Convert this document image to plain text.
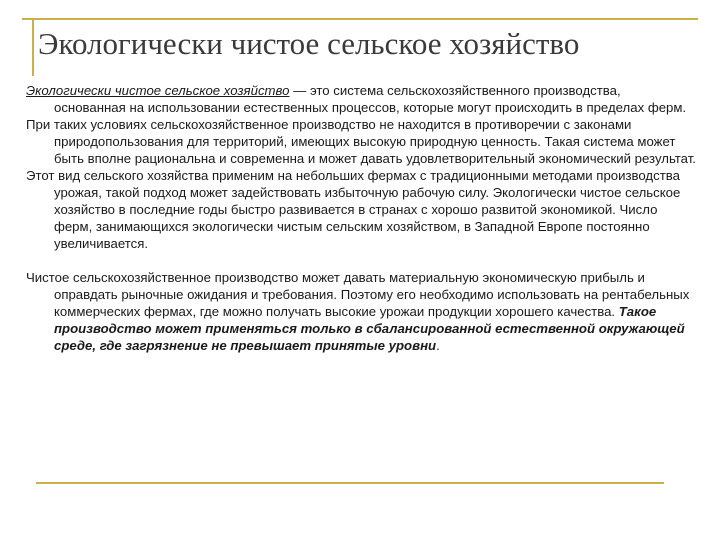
Экологически чистое сельское хозяйство

Экологически чистое сельское хозяйство — это система сельскохозяйственного производства, основанная на использовании естественных процессов, которые могут происходить в пределах ферм.

При таких условиях сельскохозяйственное производство не находится в противоречии с законами природопользования для территорий, имеющих высокую природную ценность. Такая система может быть вполне рациональна и современна и может давать удовлетворительный экономический результат.

Этот вид сельского хозяйства применим на небольших фермах с традиционными методами производства урожая, такой подход может задействовать избыточную рабочую силу. Экологически чистое сельское хозяйство в последние годы быстро развивается в странах с хорошо развитой экономикой. Число ферм, занимающихся экологически чистым сельским хозяйством, в Западной Европе постоянно увеличивается.

Чистое сельскохозяйственное производство может давать материальную экономическую прибыль и оправдать рыночные ожидания и требования. Поэтому его необходимо использовать на рентабельных коммерческих фермах, где можно получать высокие урожаи продукции хорошего качества. Такое производство может применяться только в сбалансированной естественной окружающей среде, где загрязнение не превышает принятые уровни.
